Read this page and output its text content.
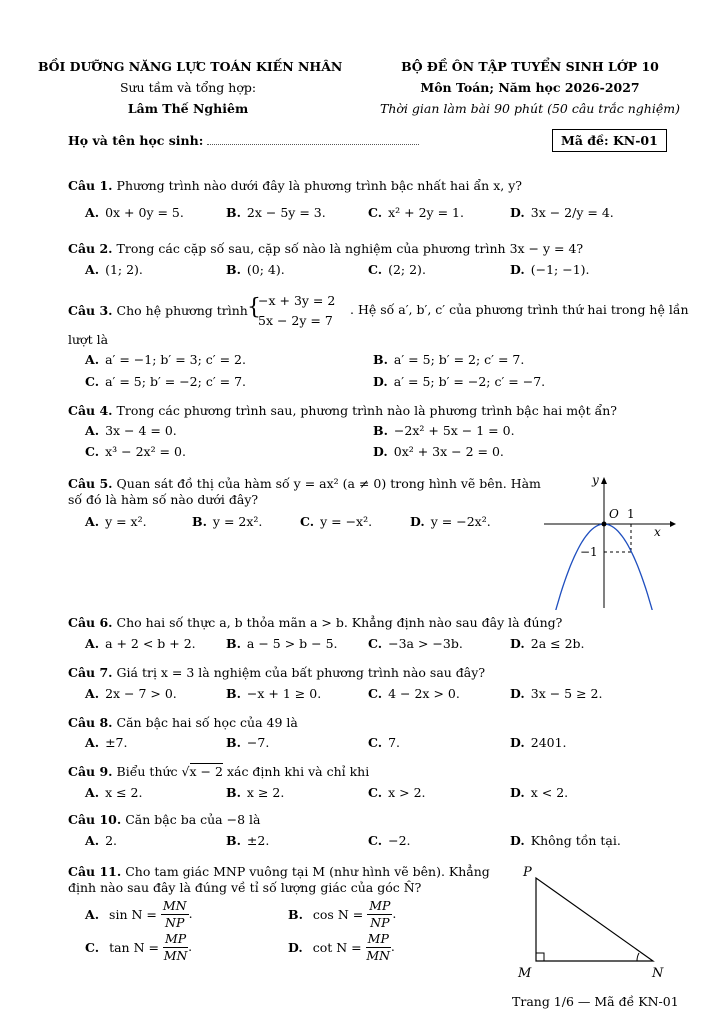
BỒI DƯỠNG NĂNG LỰC TOÁN KIẾN NHÂN
Sưu tầm và tổng hợp:
Lâm Thế Nghiêm
BỘ ĐỀ ÔN TẬP TUYỂN SINH LỚP 10
Môn Toán; Năm học 2026-2027
Thời gian làm bài 90 phút (50 câu trắc nghiệm)
Họ và tên học sinh:	Mã đề: KN-01
Câu 1. Phương trình nào dưới đây là phương trình bậc nhất hai ẩn x, y?
A. 0x + 0y = 5.	B. 2x − 5y = 3.	C. x² + 2y = 1.	D. 3x − 2/y = 4.
Câu 2. Trong các cặp số sau, cặp số nào là nghiệm của phương trình 3x − y = 4?
A. (1; 2).	B. (0; 4).	C. (2; 2).	D. (−1; −1).
Câu 3. Cho hệ phương trình {
−x + 3y = 2
5x − 2y = 7
. Hệ số a′, b′, c′ của phương trình thứ hai trong hệ lần
lượt là
A. a′ = −1; b′ = 3; c′ = 2.	B. a′ = 5; b′ = 2; c′ = 7.
C. a′ = 5; b′ = −2; c′ = 7.	D. a′ = 5; b′ = −2; c′ = −7.
Câu 4. Trong các phương trình sau, phương trình nào là phương trình bậc hai một ẩn?
A. 3x − 4 = 0.	B. −2x² + 5x − 1 = 0.
C. x³ − 2x² = 0.	D. 0x² + 3x − 2 = 0.
Câu 5. Quan sát đồ thị của hàm số y = ax² (a ≠ 0) trong hình vẽ bên. Hàm
số đó là hàm số nào dưới đây?
A. y = x².	B. y = 2x².	C. y = −x².	D. y = −2x².
y
x
O 1
−1
Câu 6. Cho hai số thực a, b thỏa mãn a > b. Khẳng định nào sau đây là đúng?
A. a + 2 < b + 2. B. a − 5 > b − 5. C. −3a > −3b.	D. 2a ≤ 2b.
Câu 7. Giá trị x = 3 là nghiệm của bất phương trình nào sau đây?
A. 2x − 7 > 0.	B. −x + 1 ≥ 0.	C. 4 − 2x > 0.	D. 3x − 5 ≥ 2.
Câu 8. Căn bậc hai số học của 49 là
A. ±7.	B. −7.	C. 7.	D. 2401.
Câu 9. Biểu thức √x − 2 xác định khi và chỉ khi
A. x ≤ 2.	B. x ≥ 2.	C. x > 2.	D. x < 2.
Câu 10. Căn bậc ba của −8 là
A. 2.	B. ±2.	C. −2.	D. Không tồn tại.
Câu 11. Cho tam giác MNP vuông tại M (như hình vẽ bên). Khẳng
định nào sau đây là đúng về tỉ số lượng giác của góc N̂?
A. $\sin N = \frac{MN}{NP}$ .	B. $\cos N = \frac{MP}{NP}$ .
C. $\tan N = \frac{MP}{MN}$ .	D. $\cot N = \frac{MP}{MN}$ .
P
M	N
Trang 1/6 — Mã đề KN-01
